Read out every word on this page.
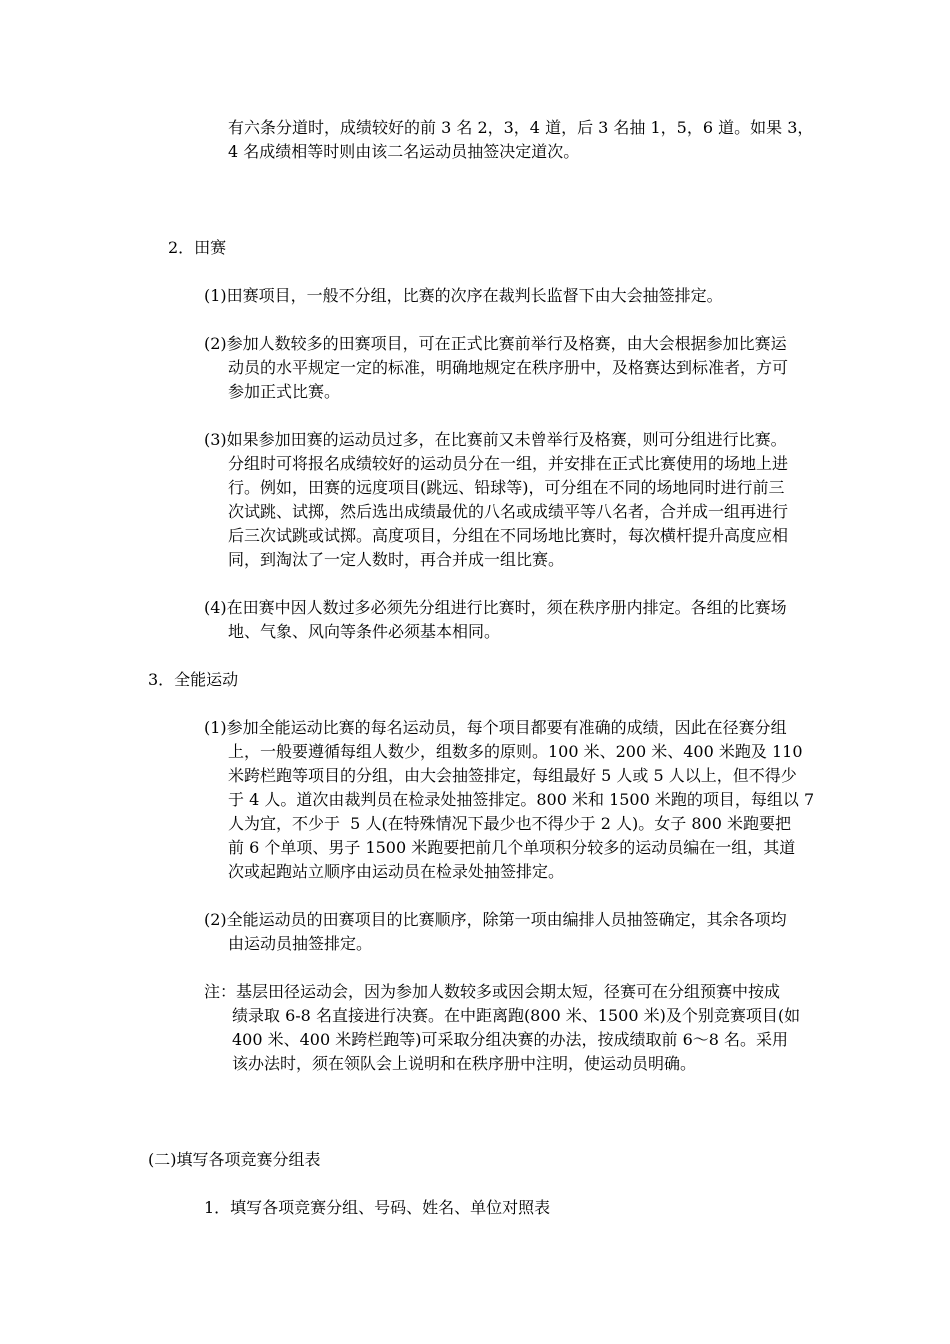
有六条分道时，成绩较好的前 3 名 2，3，4 道，后 3 名抽 1，5，6 道。如果 3，
4 名成绩相等时则由该二名运动员抽签决定道次。
2．田赛
(1)田赛项目，一般不分组，比赛的次序在裁判长监督下由大会抽签排定。
(2)参加人数较多的田赛项目，可在正式比赛前举行及格赛，由大会根据参加比赛运
动员的水平规定一定的标准，明确地规定在秩序册中，及格赛达到标准者，方可
参加正式比赛。
(3)如果参加田赛的运动员过多，在比赛前又未曾举行及格赛，则可分组进行比赛。
分组时可将报名成绩较好的运动员分在一组，并安排在正式比赛使用的场地上进
行。例如，田赛的远度项目(跳远、铅球等)，可分组在不同的场地同时进行前三
次试跳、试掷，然后选出成绩最优的八名或成绩平等八名者，合并成一组再进行
后三次试跳或试掷。高度项目，分组在不同场地比赛时，每次横杆提升高度应相
同，到淘汰了一定人数时，再合并成一组比赛。
(4)在田赛中因人数过多必须先分组进行比赛时，须在秩序册内排定。各组的比赛场
地、气象、风向等条件必须基本相同。
3．全能运动
(1)参加全能运动比赛的每名运动员，每个项目都要有准确的成绩，因此在径赛分组
上，一般要遵循每组人数少，组数多的原则。100 米、200 米、400 米跑及 110
米跨栏跑等项目的分组，由大会抽签排定，每组最好 5 人或 5 人以上，但不得少
于 4 人。道次由裁判员在检录处抽签排定。800 米和 1500 米跑的项目，每组以 7
人为宜，不少于  5 人(在特殊情况下最少也不得少于 2 人)。女子 800 米跑要把
前 6 个单项、男子 1500 米跑要把前几个单项积分较多的运动员编在一组，其道
次或起跑站立顺序由运动员在检录处抽签排定。
(2)全能运动员的田赛项目的比赛顺序，除第一项由编排人员抽签确定，其余各项均
由运动员抽签排定。
注：基层田径运动会，因为参加人数较多或因会期太短，径赛可在分组预赛中按成
绩录取 6-8 名直接进行决赛。在中距离跑(800 米、1500 米)及个别竞赛项目(如
400 米、400 米跨栏跑等)可采取分组决赛的办法，按成绩取前 6～8 名。采用
该办法时，须在领队会上说明和在秩序册中注明，使运动员明确。
(二)填写各项竞赛分组表
1．填写各项竞赛分组、号码、姓名、单位对照表
